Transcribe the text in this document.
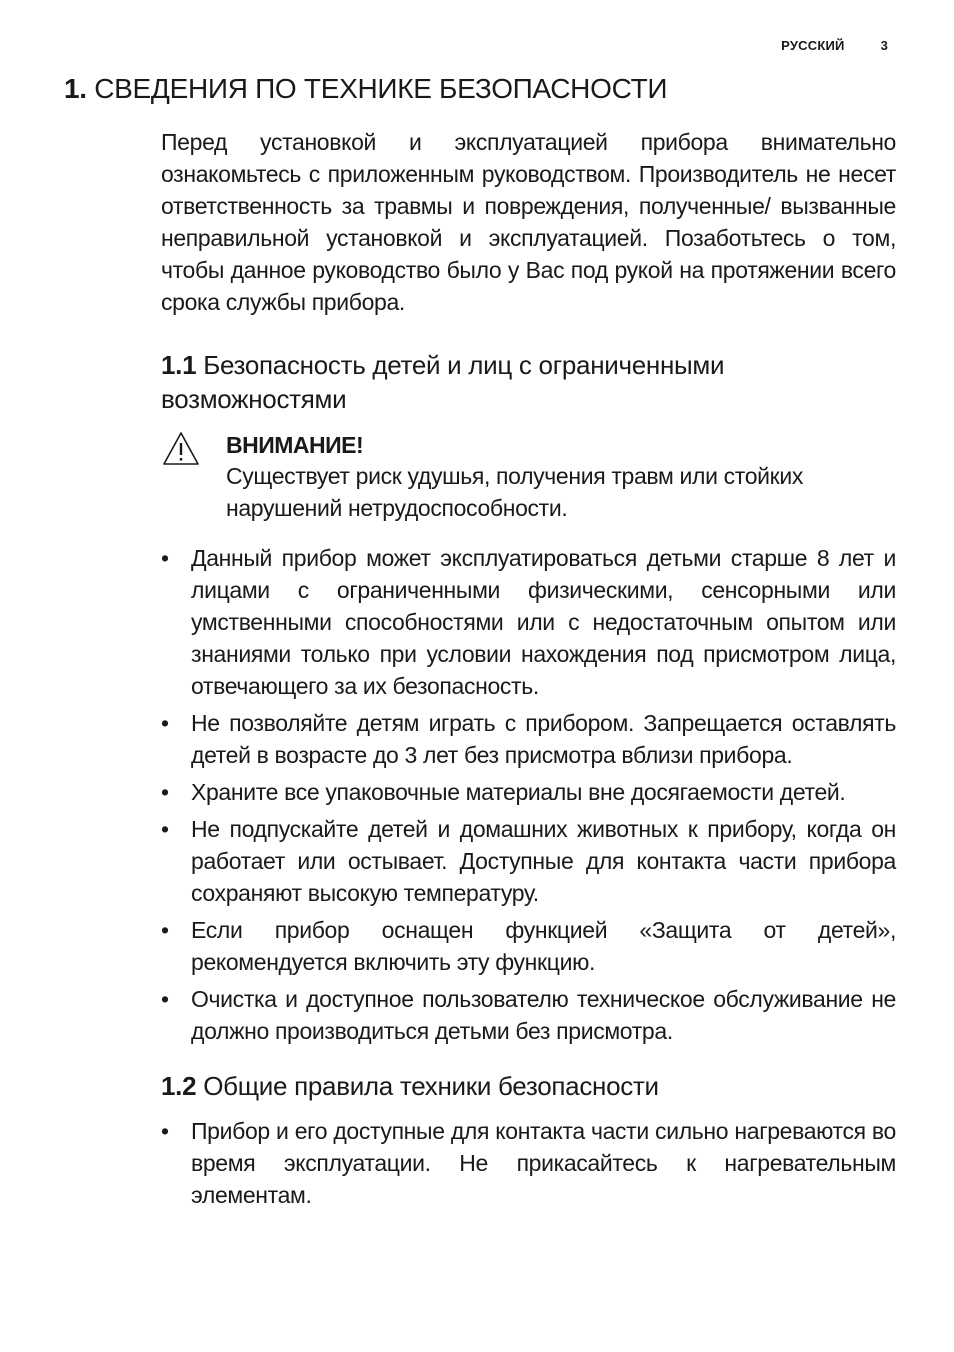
РУССКИЙ	3
1. СВЕДЕНИЯ ПО ТЕХНИКЕ БЕЗОПАСНОСТИ

Перед установкой и эксплуатацией прибора внимательно ознакомьтесь с приложенным руководством. Производитель не несет ответственность за травмы и повреждения, полученные/ вызванные неправильной установкой и эксплуатацией. Позаботьтесь о том, чтобы данное руководство было у Вас под рукой на протяжении всего срока службы прибора.

1.1 Безопасность детей и лиц с ограниченными возможностями
ВНИМАНИЕ!
Существует риск удушья, получения травм или стойких нарушений нетрудоспособности.
• Данный прибор может эксплуатироваться детьми старше 8 лет и лицами с ограниченными физическими, сенсорными или умственными способностями или с недостаточным опытом или знаниями только при условии нахождения под присмотром лица, отвечающего за их безопасность.
• Не позволяйте детям играть с прибором. Запрещается оставлять детей в возрасте до 3 лет без присмотра вблизи прибора.
• Храните все упаковочные материалы вне досягаемости детей.
• Не подпускайте детей и домашних животных к прибору, когда он работает или остывает. Доступные для контакта части прибора сохраняют высокую температуру.
• Если прибор оснащен функцией «Защита от детей», рекомендуется включить эту функцию.
• Очистка и доступное пользователю техническое обслуживание не должно производиться детьми без присмотра.
1.2 Общие правила техники безопасности
• Прибор и его доступные для контакта части сильно нагреваются во время эксплуатации. Не прикасайтесь к нагревательным элементам.
